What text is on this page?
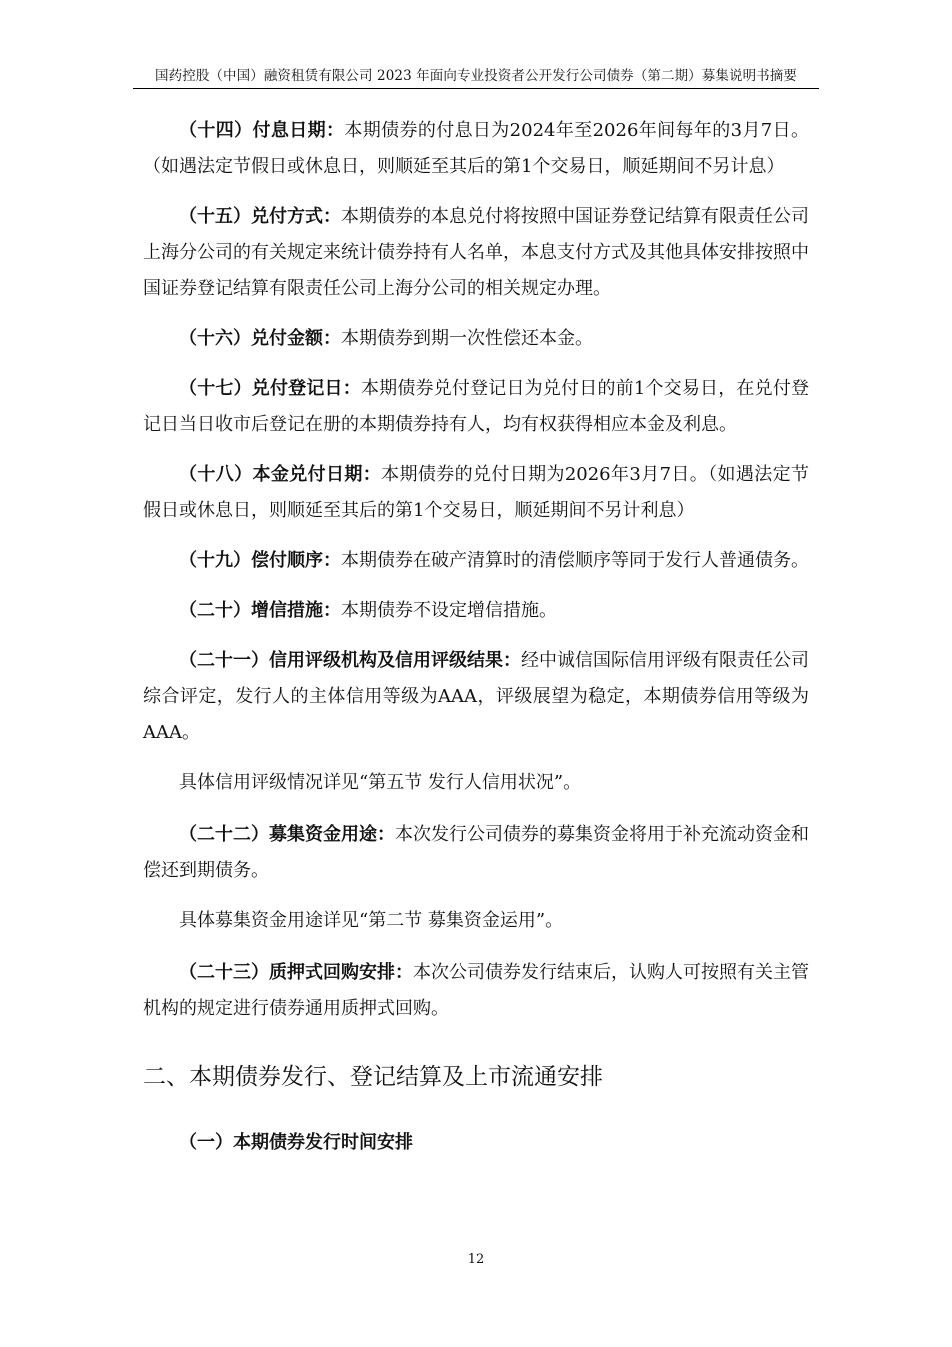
国药控股（中国）融资租赁有限公司 2023 年面向专业投资者公开发行公司债券（第二期）募集说明书摘要

（十四）付息日期：本期债券的付息日为2024年至2026年间每年的3月7日。（如遇法定节假日或休息日，则顺延至其后的第1个交易日，顺延期间不另计息）

（十五）兑付方式：本期债券的本息兑付将按照中国证券登记结算有限责任公司上海分公司的有关规定来统计债券持有人名单，本息支付方式及其他具体安排按照中国证券登记结算有限责任公司上海分公司的相关规定办理。

（十六）兑付金额：本期债券到期一次性偿还本金。

（十七）兑付登记日：本期债券兑付登记日为兑付日的前1个交易日，在兑付登记日当日收市后登记在册的本期债券持有人，均有权获得相应本金及利息。

（十八）本金兑付日期：本期债券的兑付日期为2026年3月7日。（如遇法定节假日或休息日，则顺延至其后的第1个交易日，顺延期间不另计利息）

（十九）偿付顺序：本期债券在破产清算时的清偿顺序等同于发行人普通债务。

（二十）增信措施：本期债券不设定增信措施。

（二十一）信用评级机构及信用评级结果：经中诚信国际信用评级有限责任公司综合评定，发行人的主体信用等级为AAA，评级展望为稳定，本期债券信用等级为AAA。

具体信用评级情况详见“第五节 发行人信用状况”。

（二十二）募集资金用途：本次发行公司债券的募集资金将用于补充流动资金和偿还到期债务。

具体募集资金用途详见“第二节 募集资金运用”。

（二十三）质押式回购安排：本次公司债券发行结束后，认购人可按照有关主管机构的规定进行债券通用质押式回购。

二、本期债券发行、登记结算及上市流通安排
（一）本期债券发行时间安排
12
